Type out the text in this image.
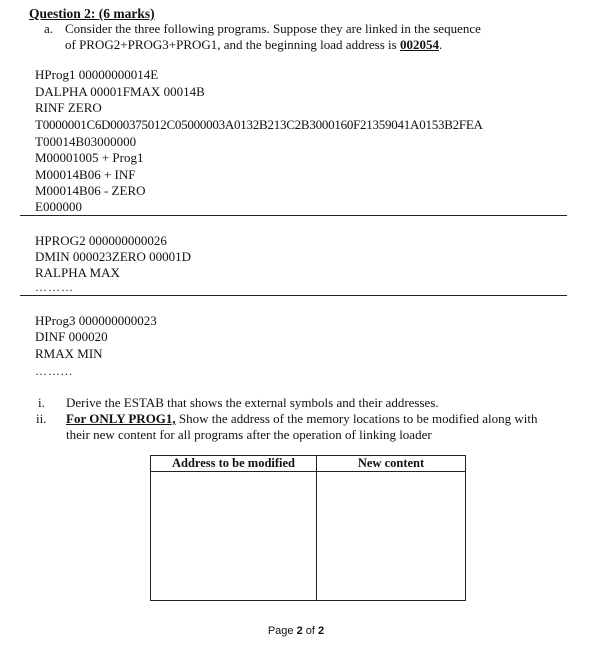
Question 2: (6 marks)
a. Consider the three following programs. Suppose they are linked in the sequence
of PROG2+PROG3+PROG1, and the beginning load address is 002054.
HProg1 00000000014E
DALPHA 00001FMAX 00014B
RINF ZERO
T0000001C6D000375012C05000003A0132B213C2B3000160F21359041A0153B2FEA
T00014B03000000
M00001005 + Prog1
M00014B06 + INF
M00014B06 - ZERO
E000000
HPROG2 000000000026
DMIN 000023ZERO 00001D
RALPHA MAX
………
HProg3 000000000023
DINF 000020
RMAX MIN
……...
i. Derive the ESTAB that shows the external symbols and their addresses.
ii. For ONLY PROG1, Show the address of the memory locations to be modified along with
their new content for all programs after the operation of linking loader
Address to be modified	New content

Page 2 of 2
